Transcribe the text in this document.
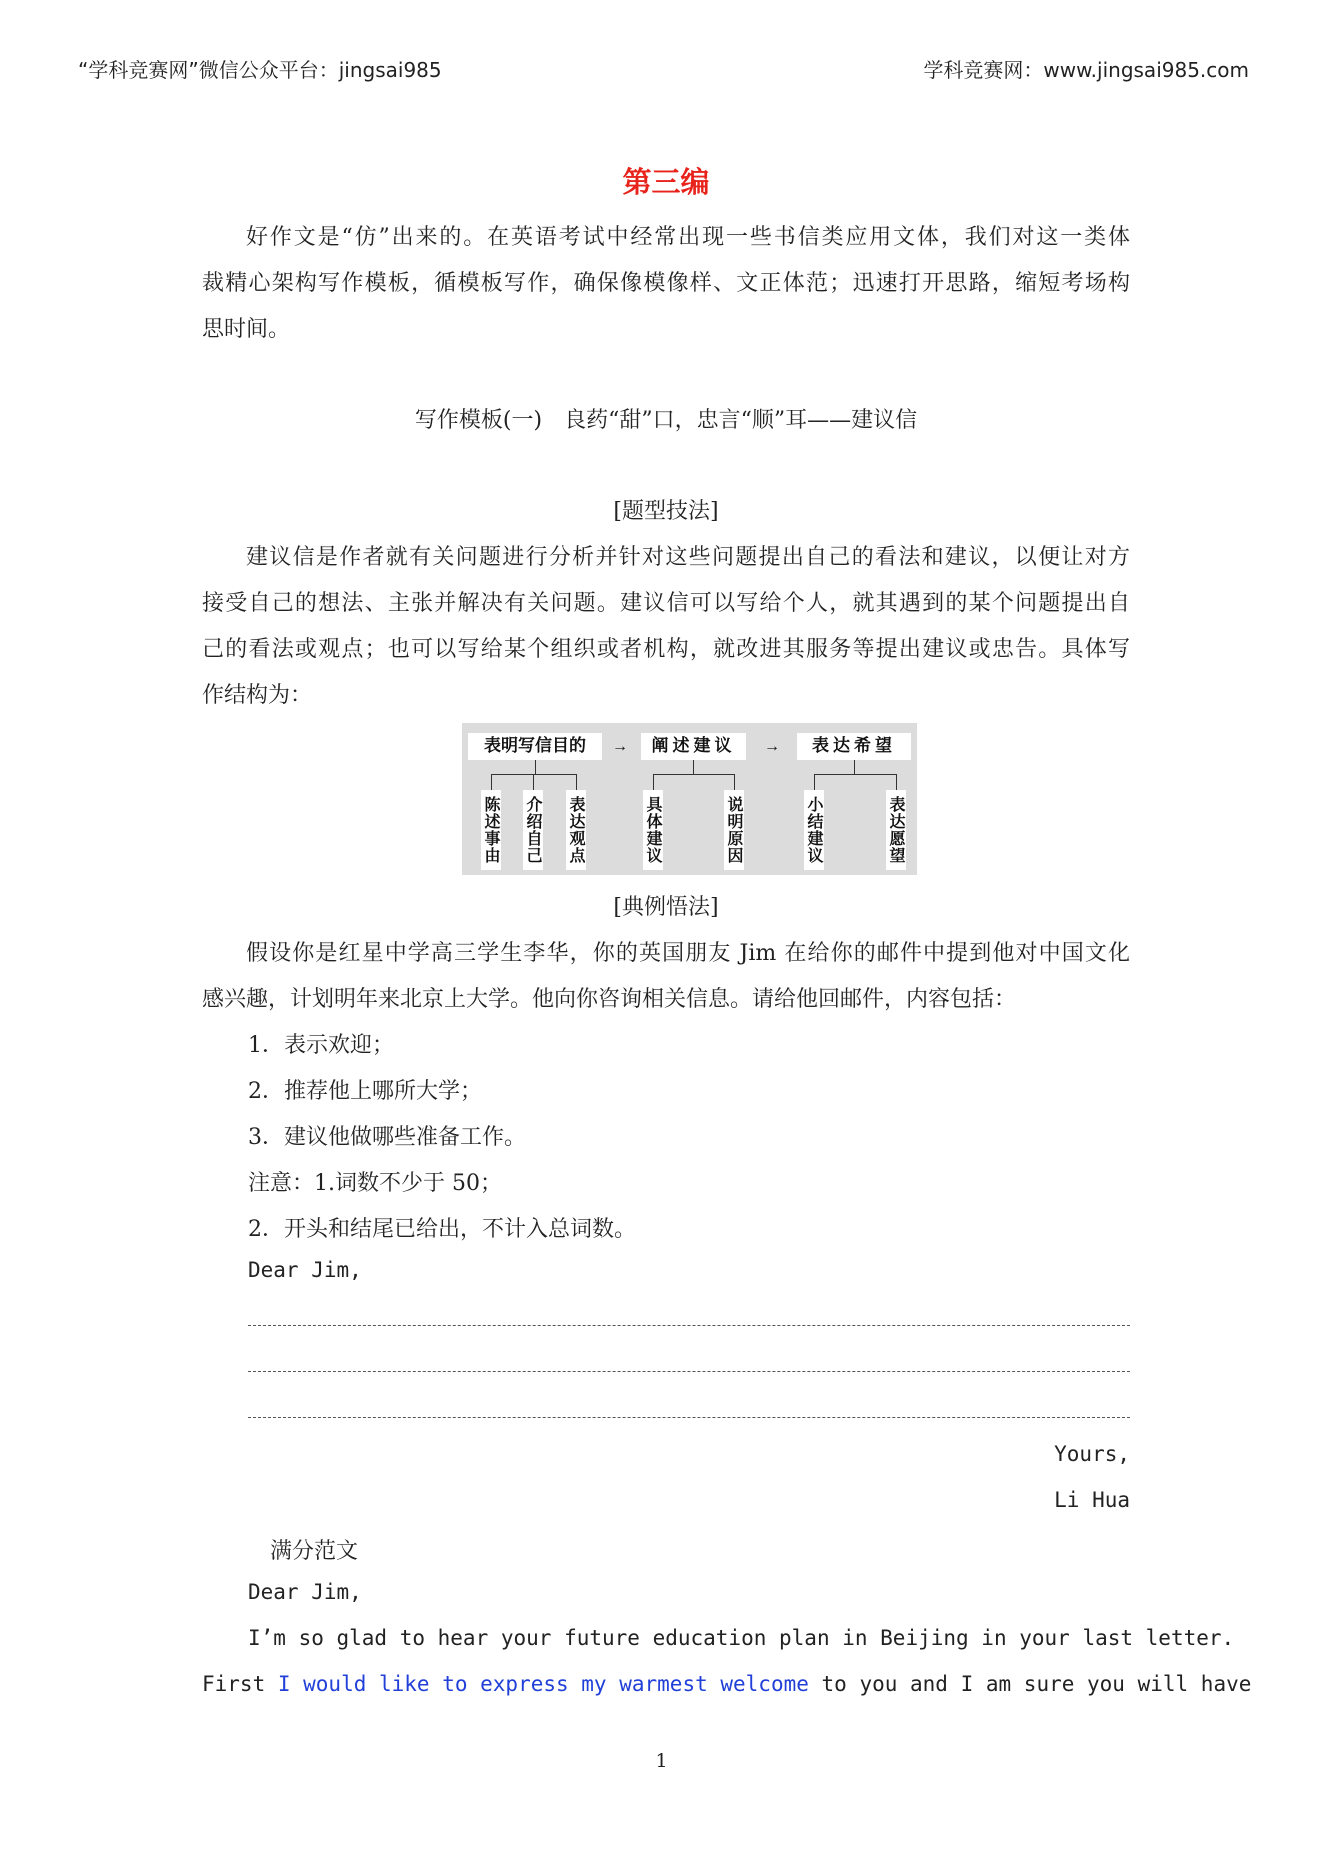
“学科竞赛网”微信公众平台：jingsai985	学科竞赛网：www.jingsai985.com
第三编
好作文是“仿”出来的。在英语考试中经常出现一些书信类应用文体，我们对这一类体
裁精心架构写作模板，循模板写作，确保像模像样、文正体范；迅速打开思路，缩短考场构
思时间。
写作模板(一)　良药“甜”口，忠言“顺”耳——建议信
[题型技法]
建议信是作者就有关问题进行分析并针对这些问题提出自己的看法和建议，以便让对方
接受自己的想法、主张并解决有关问题。建议信可以写给个人，就其遇到的某个问题提出自
己的看法或观点；也可以写给某个组织或者机构，就改进其服务等提出建议或忠告。具体写
作结构为：
[典例悟法]
假设你是红星中学高三学生李华，你的英国朋友 Jim 在给你的邮件中提到他对中国文化
感兴趣，计划明年来北京上大学。他向你咨询相关信息。请给他回邮件，内容包括：
1．表示欢迎；
2．推荐他上哪所大学；
3．建议他做哪些准备工作。
注意：1.词数不少于 50；
2．开头和结尾已给出，不计入总词数。
Dear Jim,
Yours,
Li Hua
满分范文
Dear Jim,
I’m so glad to hear your future education plan in Beijing in your last letter.
First I would like to express my warmest welcome to you and I am sure you will have
表明写信目的	→	阐述建议	→	表达希望
陈述事由 介绍自己 表达观点	具体建议	说明原因	小结建议	表达愿望
1
